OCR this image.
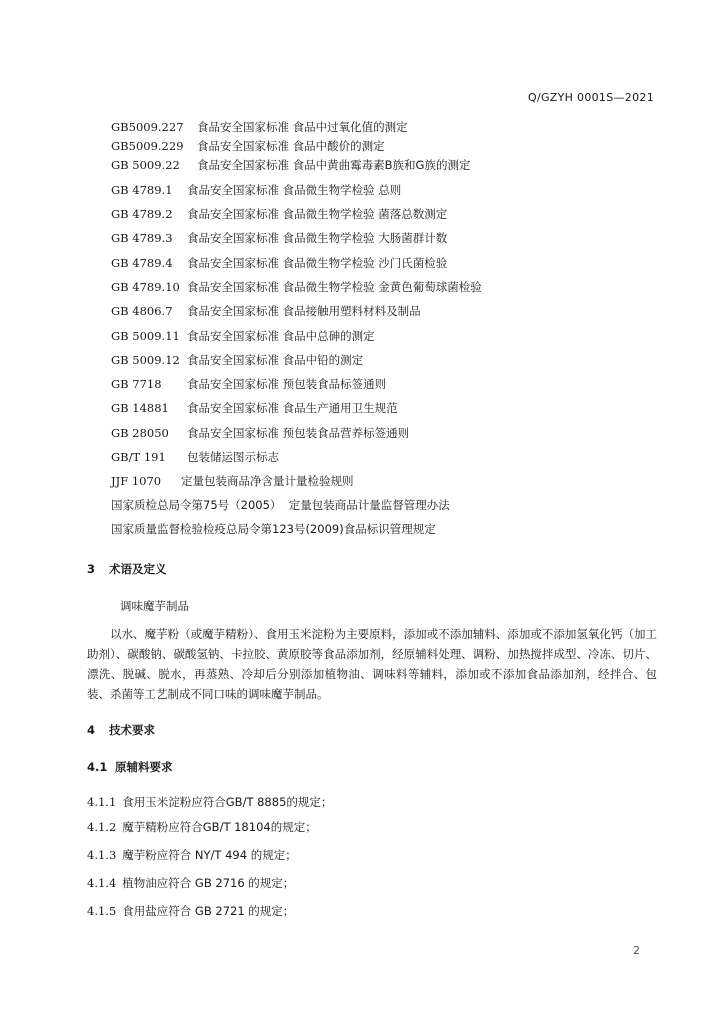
Q/GZYH 0001S—2021
GB5009.227 食品安全国家标准 食品中过氧化值的测定
GB5009.229 食品安全国家标准 食品中酸价的测定
GB 5009.22 食品安全国家标准 食品中黄曲霉毒素B族和G族的测定
GB 4789.1 食品安全国家标准 食品微生物学检验 总则
GB 4789.2 食品安全国家标准 食品微生物学检验 菌落总数测定
GB 4789.3 食品安全国家标准 食品微生物学检验 大肠菌群计数
GB 4789.4 食品安全国家标准 食品微生物学检验 沙门氏菌检验
GB 4789.10 食品安全国家标准 食品微生物学检验 金黄色葡萄球菌检验
GB 4806.7 食品安全国家标准 食品接触用塑料材料及制品
GB 5009.11 食品安全国家标准 食品中总砷的测定
GB 5009.12 食品安全国家标准 食品中铅的测定
GB 7718 食品安全国家标准 预包装食品标签通则
GB 14881 食品安全国家标准 食品生产通用卫生规范
GB 28050 食品安全国家标准 预包装食品营养标签通则
GB/T 191 包装储运图示标志
JJF 1070 定量包装商品净含量计量检验规则
国家质检总局令第75号（2005） 定量包装商品计量监督管理办法
国家质量监督检验检疫总局令第123号(2009)食品标识管理规定
3 术语及定义
调味魔芋制品
以水、魔芋粉（或魔芋精粉）、食用玉米淀粉为主要原料，添加或不添加辅料、添加或不添加氢氧化钙（加工助剂）、碳酸钠、碳酸氢钠、卡拉胶、黄原胶等食品添加剂，经原辅料处理、调粉、加热搅拌成型、冷冻、切片、漂洗、脱碱、脱水，再蒸熟、冷却后分别添加植物油、调味料等辅料，添加或不添加食品添加剂，经拌合、包装、杀菌等工艺制成不同口味的调味魔芋制品。
4 技术要求
4.1 原辅料要求
4.1.1 食用玉米淀粉应符合GB/T 8885的规定；
4.1.2 魔芋精粉应符合GB/T 18104的规定；
4.1.3 魔芋粉应符合 NY/T 494 的规定；
4.1.4 植物油应符合 GB 2716 的规定；
4.1.5 食用盐应符合 GB 2721 的规定；
2
